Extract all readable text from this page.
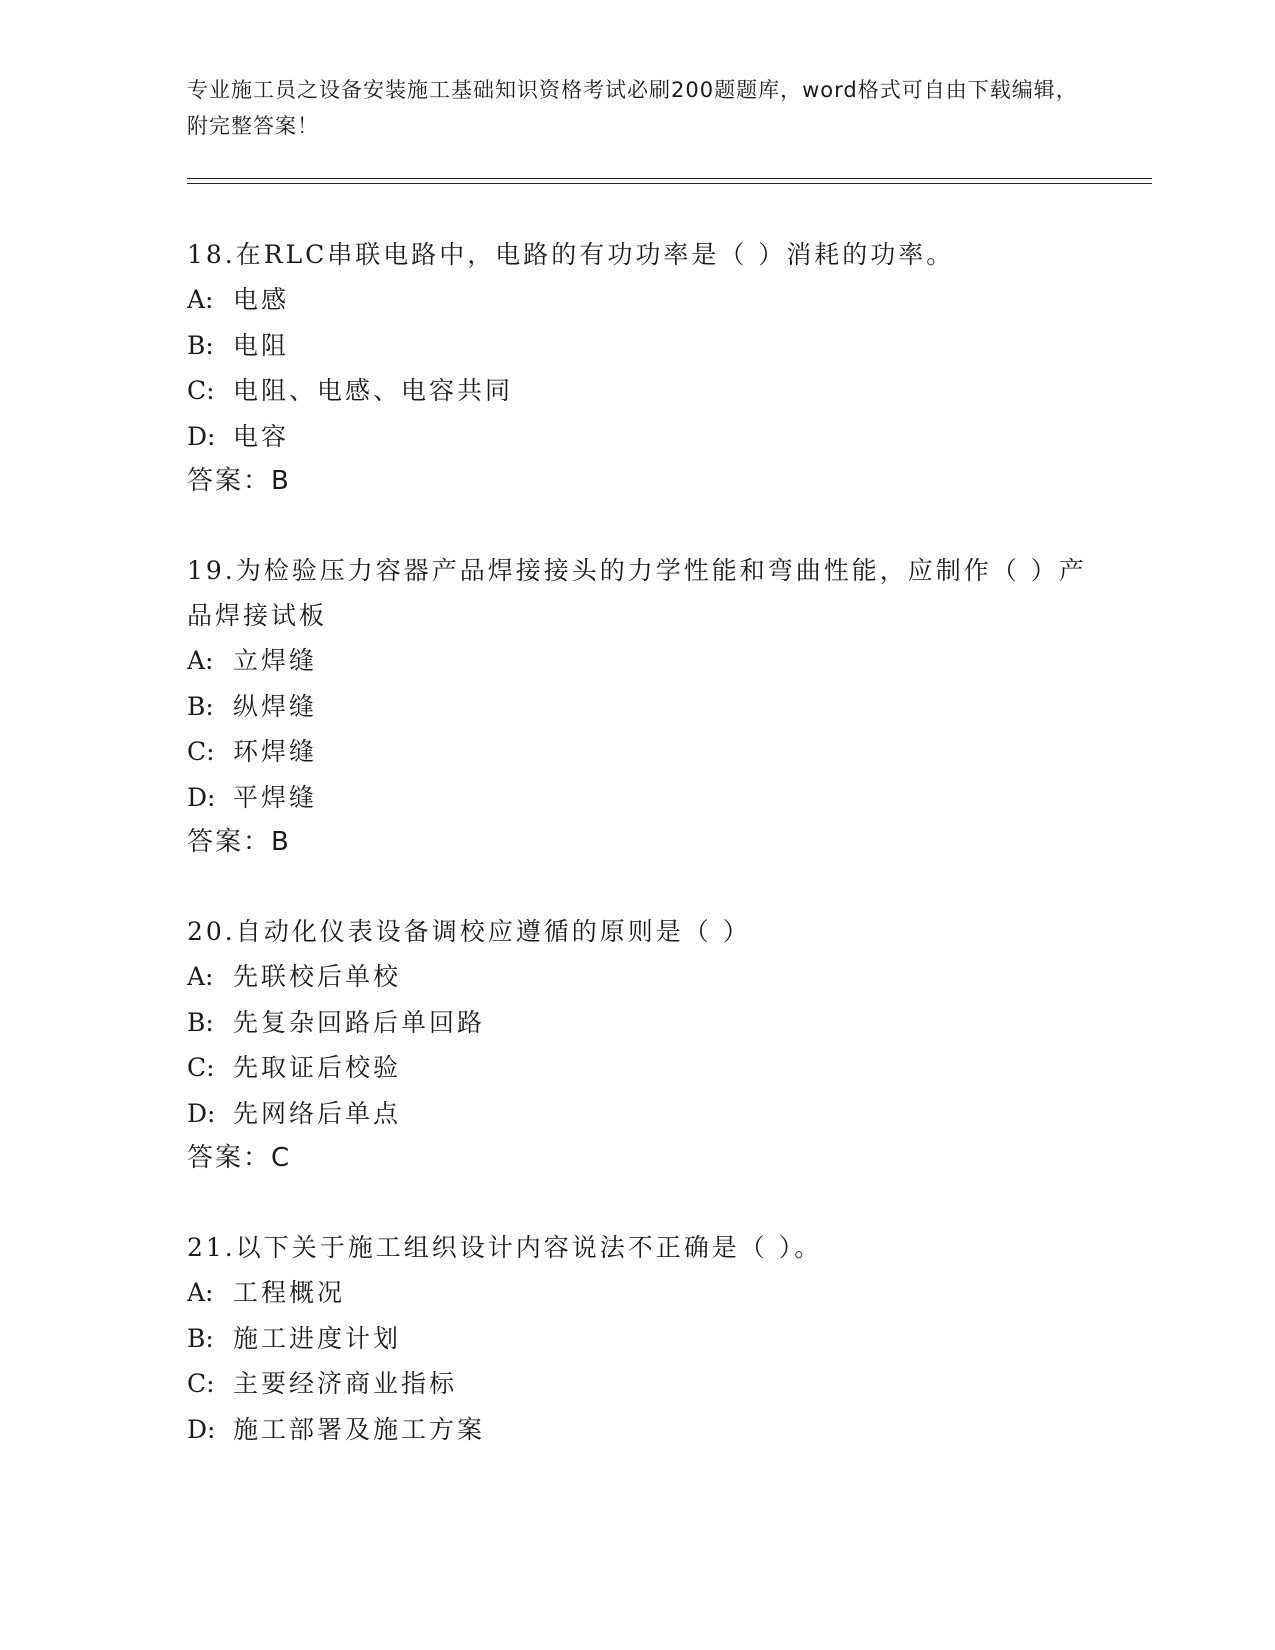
专业施工员之设备安装施工基础知识资格考试必刷200题题库，word格式可自由下载编辑，附完整答案！
18.在RLC串联电路中，电路的有功功率是（ ）消耗的功率。
A: 电感
B: 电阻
C: 电阻、电感、电容共同
D: 电容
答案：B
19.为检验压力容器产品焊接接头的力学性能和弯曲性能，应制作（ ）产品焊接试板
A: 立焊缝
B: 纵焊缝
C: 环焊缝
D: 平焊缝
答案：B
20.自动化仪表设备调校应遵循的原则是（ ）
A: 先联校后单校
B: 先复杂回路后单回路
C: 先取证后校验
D: 先网络后单点
答案：C
21.以下关于施工组织设计内容说法不正确是（ ）。
A: 工程概况
B: 施工进度计划
C: 主要经济商业指标
D: 施工部署及施工方案
